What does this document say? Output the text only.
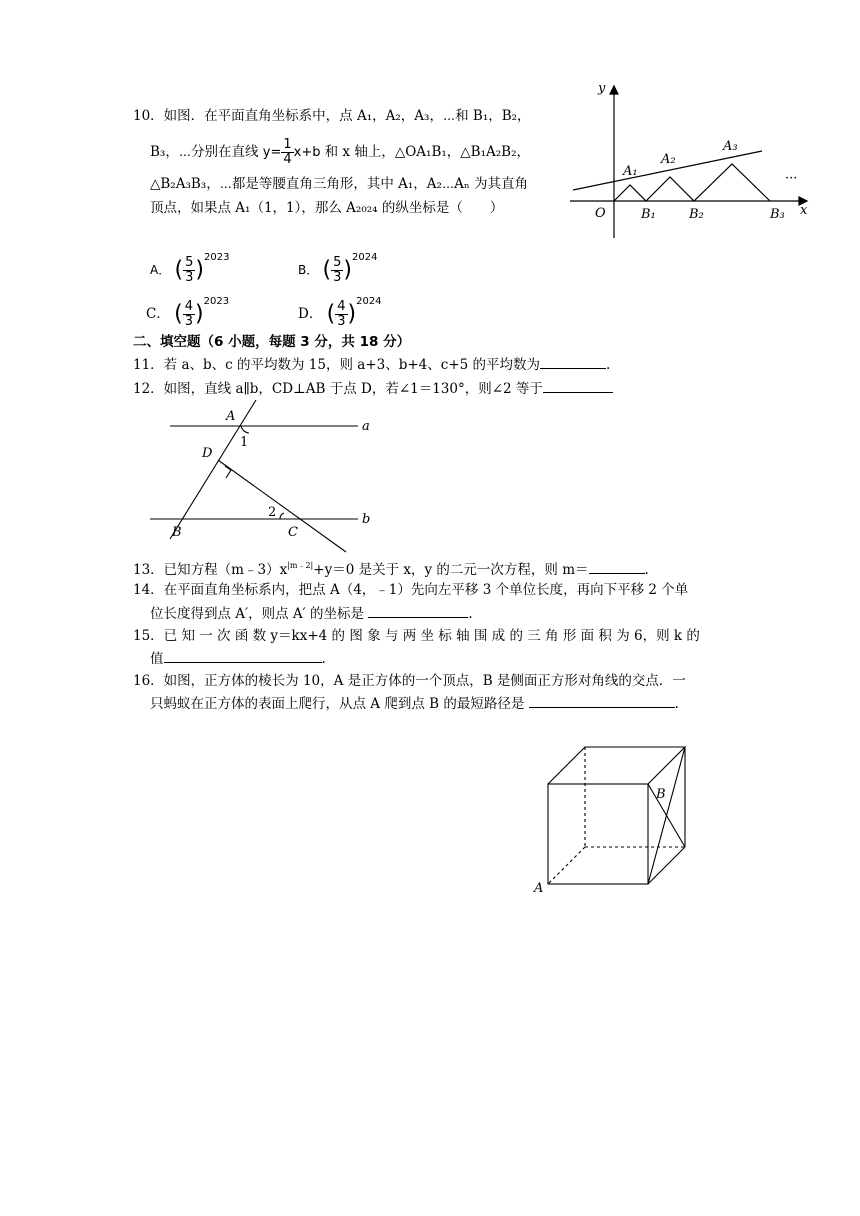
10．如图．在平面直角坐标系中，点 A₁，A₂，A₃，⋯和 B₁，B₂，
B₃，⋯分别在直线 $y= \frac{1}{4} x+b$ 和 x 轴上，△OA₁B₁，△B₁A₂B₂，
△B₂A₃B₃，⋯都是等腰直角三角形，其中 A₁，A₂⋯Aₙ 为其直角
顶点，如果点 A₁（1，1），那么 A₂₀₂₄ 的纵坐标是（　　）
A． ( $\frac{5}{3} )^{2023}$
B． ( $\frac{5}{3} )^{2024}$
C． ( $\frac{4}{3} )^{2023}$
D． ( $\frac{4}{3} )^{2024}$
y
x
O
A₁
A₂
A₃
B₁	B₂	B₃
···
二、填空题（6 小题，每题 3 分，共 18 分）
11．若 a、b、c 的平均数为 15，则 a+3、b+4、c+5 的平均数为	.
12．如图，直线 a∥b，CD⊥AB 于点 D，若∠1＝130°，则∠2 等于
A
a
1
D
2
B	C
b
13．已知方程$(m﹣3)x^{|m﹣2|}+y=0$ 是关于 x，y 的二元一次方程，则 m＝	.
14．在平面直角坐标系内，把点 A（4，﹣1）先向左平移 3 个单位长度，再向下平移 2 个单
位长度得到点 A′，则点 A′ 的坐标是	.
15．已 知 一 次 函 数 y＝kx+4 的 图 象 与 两 坐 标 轴 围 成 的 三 角 形 面 积 为 6，则 k 的
值	.
16．如图，正方体的棱长为 10，A 是正方体的一个顶点，B 是侧面正方形对角线的交点．一
只蚂蚁在正方体的表面上爬行，从点 A 爬到点 B 的最短路径是	.
B
A
